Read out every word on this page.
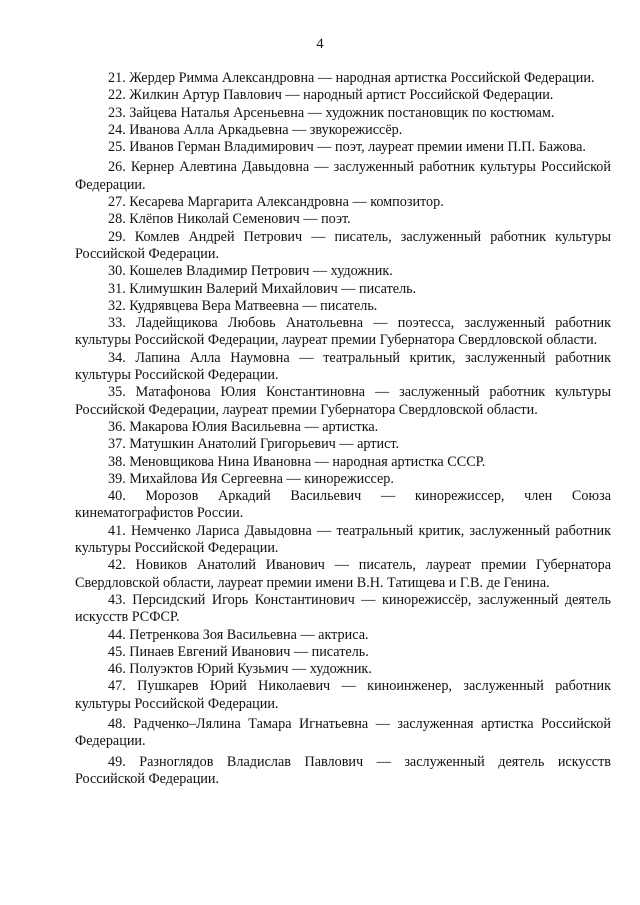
4

21. Жердер Римма Александровна — народная артистка Российской Федерации.

22. Жилкин Артур Павлович — народный артист Российской Федерации.

23. Зайцева Наталья Арсеньевна — художник постановщик по костюмам.

24. Иванова Алла Аркадьевна — звукорежиссёр.

25. Иванов Герман Владимирович — поэт, лауреат премии имени П.П. Бажова.

26. Кернер Алевтина Давыдовна — заслуженный работник культуры Российской Федерации.

27. Кесарева Маргарита Александровна — композитор.

28. Клёпов Николай Семенович — поэт.

29. Комлев Андрей Петрович — писатель, заслуженный работник культуры Российской Федерации.

30. Кошелев Владимир Петрович — художник.

31. Климушкин Валерий Михайлович — писатель.

32. Кудрявцева Вера Матвеевна — писатель.

33. Ладейщикова Любовь Анатольевна — поэтесса, заслуженный работник культуры Российской Федерации, лауреат премии Губернатора Свердловской области.

34. Лапина Алла Наумовна — театральный критик, заслуженный работник культуры Российской Федерации.

35. Матафонова Юлия Константиновна — заслуженный работник культуры Российской Федерации, лауреат премии Губернатора Свердловской области.

36. Макарова Юлия Васильевна — артистка.

37. Матушкин Анатолий Григорьевич — артист.

38. Меновщикова Нина Ивановна — народная артистка СССР.

39. Михайлова Ия Сергеевна — кинорежиссер.

40. Морозов Аркадий Васильевич — кинорежиссер, член Союза кинематографистов России.

41. Немченко Лариса Давыдовна — театральный критик, заслуженный работник культуры Российской Федерации.

42. Новиков Анатолий Иванович — писатель, лауреат премии Губернатора Свердловской области, лауреат премии имени В.Н. Татищева и Г.В. де Генина.

43. Персидский Игорь Константинович — кинорежиссёр, заслуженный деятель искусств РСФСР.

44. Петренкова Зоя Васильевна — актриса.

45. Пинаев Евгений Иванович — писатель.

46. Полуэктов Юрий Кузьмич — художник.

47. Пушкарев Юрий Николаевич — киноинженер, заслуженный работник культуры Российской Федерации.

48. Радченко–Лялина Тамара Игнатьевна — заслуженная артистка Российской Федерации.

49. Разноглядов Владислав Павлович — заслуженный деятель искусств Российской Федерации.
